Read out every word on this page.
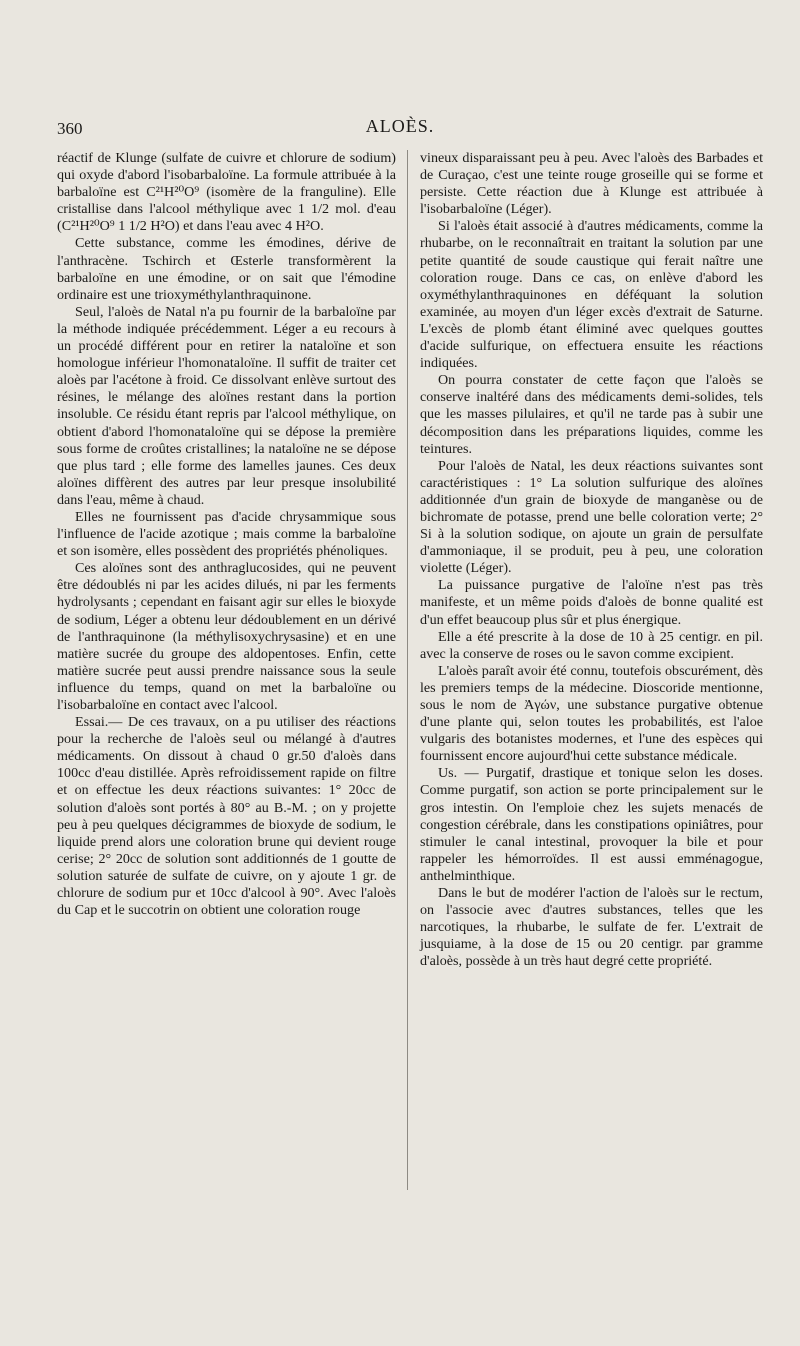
360	ALOÈS.

réactif de Klunge (sulfate de cuivre et chlorure de sodium) qui oxyde d'abord l'isobarbaloïne. La formule attribuée à la barbaloïne est C²¹H²⁰O⁹ (isomère de la franguline). Elle cristallise dans l'alcool méthylique avec 1 1/2 mol. d'eau (C²¹H²⁰O⁹ 1 1/2 H²O) et dans l'eau avec 4 H²O.

Cette substance, comme les émodines, dérive de l'anthracène. Tschirch et Œsterle transformèrent la barbaloïne en une émodine, or on sait que l'émodine ordinaire est une trioxyméthylanthraquinone.

Seul, l'aloès de Natal n'a pu fournir de la barbaloïne par la méthode indiquée précédemment. Léger a eu recours à un procédé différent pour en retirer la nataloïne et son homologue inférieur l'homonataloïne. Il suffit de traiter cet aloès par l'acétone à froid. Ce dissolvant enlève surtout des résines, le mélange des aloïnes restant dans la portion insoluble. Ce résidu étant repris par l'alcool méthylique, on obtient d'abord l'homonataloïne qui se dépose la première sous forme de croûtes cristallines; la nataloïne ne se dépose que plus tard ; elle forme des lamelles jaunes. Ces deux aloïnes diffèrent des autres par leur presque insolubilité dans l'eau, même à chaud.

Elles ne fournissent pas d'acide chrysammique sous l'influence de l'acide azotique ; mais comme la barbaloïne et son isomère, elles possèdent des propriétés phénoliques.

Ces aloïnes sont des anthraglucosides, qui ne peuvent être dédoublés ni par les acides dilués, ni par les ferments hydrolysants ; cependant en faisant agir sur elles le bioxyde de sodium, Léger a obtenu leur dédoublement en un dérivé de l'anthraquinone (la méthylisoxychrysasine) et en une matière sucrée du groupe des aldopentoses. Enfin, cette matière sucrée peut aussi prendre naissance sous la seule influence du temps, quand on met la barbaloïne ou l'isobarbaloïne en contact avec l'alcool.

Essai.— De ces travaux, on a pu utiliser des réactions pour la recherche de l'aloès seul ou mélangé à d'autres médicaments. On dissout à chaud 0 gr.50 d'aloès dans 100cc d'eau distillée. Après refroidissement rapide on filtre et on effectue les deux réactions suivantes: 1° 20cc de solution d'aloès sont portés à 80° au B.-M. ; on y projette peu à peu quelques décigrammes de bioxyde de sodium, le liquide prend alors une coloration brune qui devient rouge cerise; 2° 20cc de solution sont additionnés de 1 goutte de solution saturée de sulfate de cuivre, on y ajoute 1 gr. de chlorure de sodium pur et 10cc d'alcool à 90°. Avec l'aloès du Cap et le succotrin on obtient une coloration rouge

vineux disparaissant peu à peu. Avec l'aloès des Barbades et de Curaçao, c'est une teinte rouge groseille qui se forme et persiste. Cette réaction due à Klunge est attribuée à l'isobarbaloïne (Léger).

Si l'aloès était associé à d'autres médicaments, comme la rhubarbe, on le reconnaîtrait en traitant la solution par une petite quantité de soude caustique qui ferait naître une coloration rouge. Dans ce cas, on enlève d'abord les oxyméthylanthraquinones en déféquant la solution examinée, au moyen d'un léger excès d'extrait de Saturne. L'excès de plomb étant éliminé avec quelques gouttes d'acide sulfurique, on effectuera ensuite les réactions indiquées.

On pourra constater de cette façon que l'aloès se conserve inaltéré dans des médicaments demi-solides, tels que les masses pilulaires, et qu'il ne tarde pas à subir une décomposition dans les préparations liquides, comme les teintures.

Pour l'aloès de Natal, les deux réactions suivantes sont caractéristiques : 1° La solution sulfurique des aloïnes additionnée d'un grain de bioxyde de manganèse ou de bichromate de potasse, prend une belle coloration verte; 2° Si à la solution sodique, on ajoute un grain de persulfate d'ammoniaque, il se produit, peu à peu, une coloration violette (Léger).

La puissance purgative de l'aloïne n'est pas très manifeste, et un même poids d'aloès de bonne qualité est d'un effet beaucoup plus sûr et plus énergique.

Elle a été prescrite à la dose de 10 à 25 centigr. en pil. avec la conserve de roses ou le savon comme excipient.

L'aloès paraît avoir été connu, toutefois obscurément, dès les premiers temps de la médecine. Dioscoride mentionne, sous le nom de Ἀγών, une substance purgative obtenue d'une plante qui, selon toutes les probabilités, est l'aloe vulgaris des botanistes modernes, et l'une des espèces qui fournissent encore aujourd'hui cette substance médicale.

Us. — Purgatif, drastique et tonique selon les doses. Comme purgatif, son action se porte principalement sur le gros intestin. On l'emploie chez les sujets menacés de congestion cérébrale, dans les constipations opiniâtres, pour stimuler le canal intestinal, provoquer la bile et pour rappeler les hémorroïdes. Il est aussi emménagogue, anthelminthique.

Dans le but de modérer l'action de l'aloès sur le rectum, on l'associe avec d'autres substances, telles que les narcotiques, la rhubarbe, le sulfate de fer. L'extrait de jusquiame, à la dose de 15 ou 20 centigr. par gramme d'aloès, possède à un très haut degré cette propriété.
